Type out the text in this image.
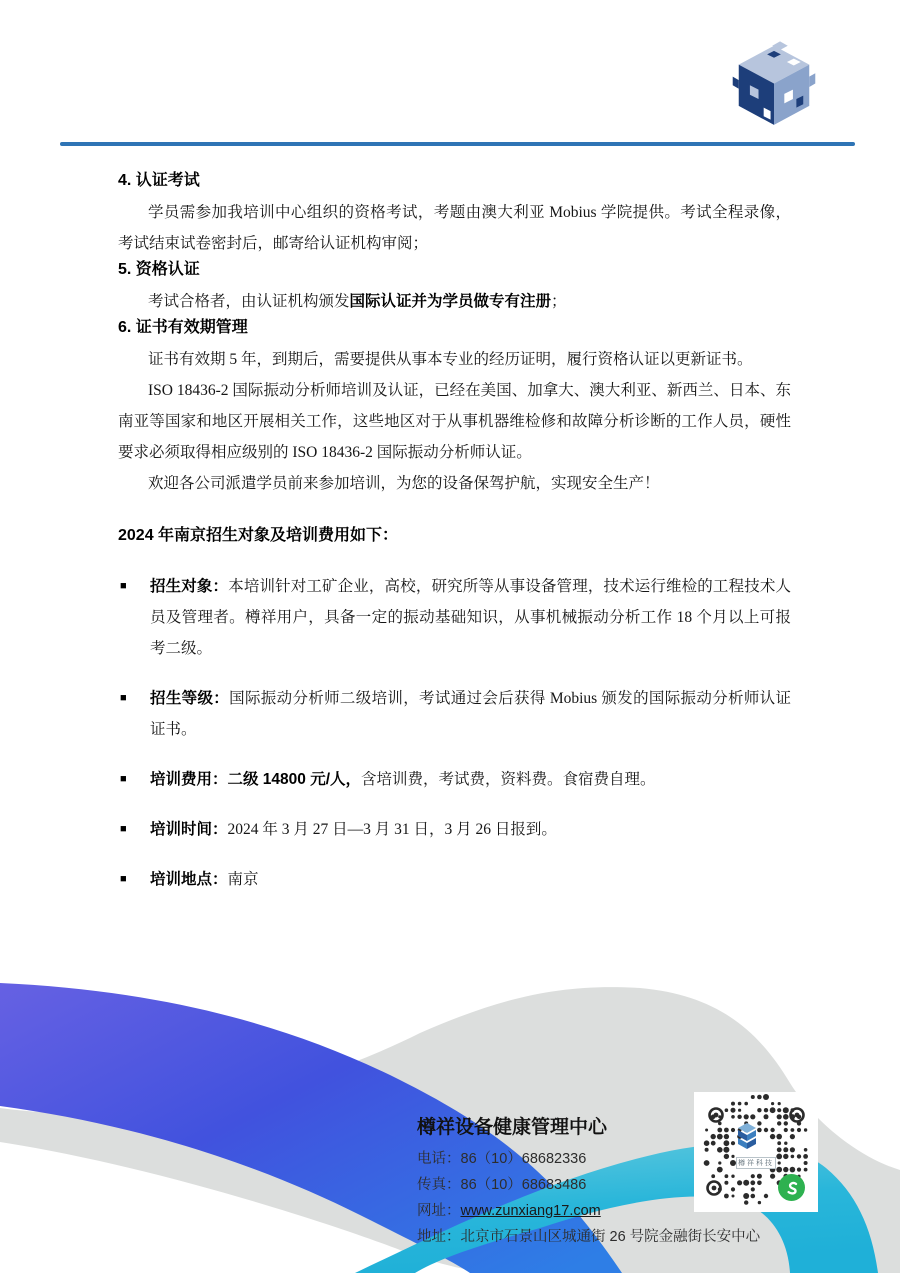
4. 认证考试

学员需参加我培训中心组织的资格考试，考题由澳大利亚 Mobius 学院提供。考试全程录像，考试结束试卷密封后，邮寄给认证机构审阅；

5. 资格认证

考试合格者，由认证机构颁发国际认证并为学员做专有注册；

6. 证书有效期管理

证书有效期 5 年，到期后，需要提供从事本专业的经历证明，履行资格认证以更新证书。

ISO 18436-2 国际振动分析师培训及认证，已经在美国、加拿大、澳大利亚、新西兰、日本、东南亚等国家和地区开展相关工作，这些地区对于从事机器维检修和故障分析诊断的工作人员，硬性要求必须取得相应级别的 ISO 18436-2 国际振动分析师认证。

欢迎各公司派遣学员前来参加培训，为您的设备保驾护航，实现安全生产！

2024 年南京招生对象及培训费用如下：
■ 招生对象：本培训针对工矿企业，高校，研究所等从事设备管理，技术运行维检的工程技术人员及管理者。樽祥用户，具备一定的振动基础知识，从事机械振动分析工作 18 个月以上可报考二级。
■ 招生等级：国际振动分析师二级培训，考试通过会后获得 Mobius 颁发的国际振动分析师认证证书。
■ 培训费用：二级 14800 元/人，含培训费，考试费，资料费。食宿费自理。
■ 培训时间：2024 年 3 月 27 日—3 月 31 日，3 月 26 日报到。
■ 培训地点：南京
樽祥设备健康管理中心
电话：86（10）68682336
传真：86（10）68683486
网址：www.zunxiang17.com
地址：北京市石景山区城通街 26 号院金融街长安中心
樽祥科技
